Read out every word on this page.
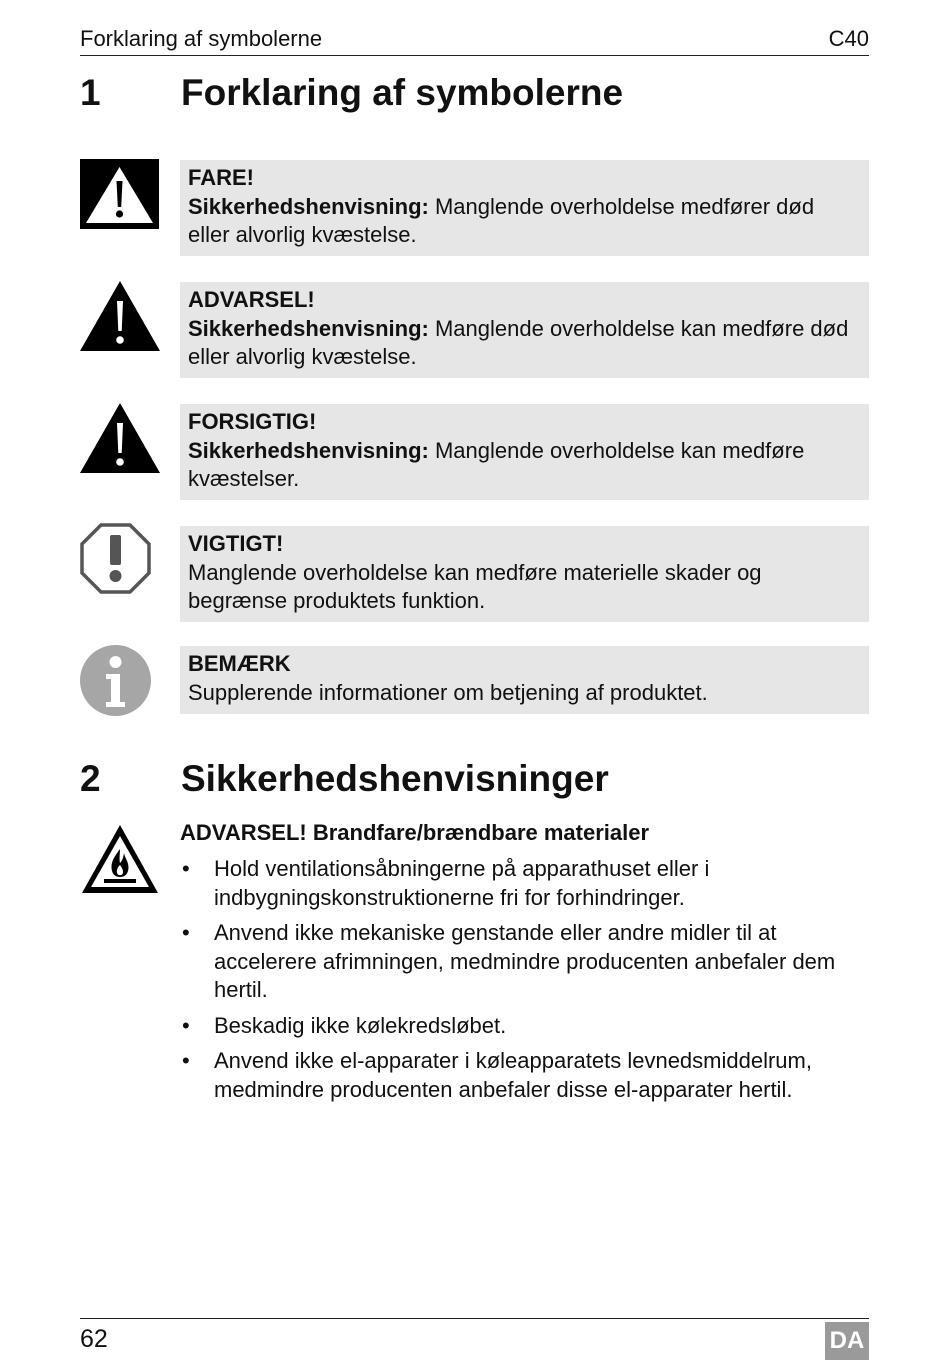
Forklaring af symbolerne	C40
1 Forklaring af symbolerne
FARE!
Sikkerhedshenvisning: Manglende overholdelse medfører død eller alvorlig kvæstelse.
ADVARSEL!
Sikkerhedshenvisning: Manglende overholdelse kan medføre død eller alvorlig kvæstelse.
FORSIGTIG!
Sikkerhedshenvisning: Manglende overholdelse kan medføre kvæstelser.
VIGTIGT!
Manglende overholdelse kan medføre materielle skader og begrænse produktets funktion.
BEMÆRK
Supplerende informationer om betjening af produktet.
2 Sikkerhedshenvisninger
ADVARSEL! Brandfare/brændbare materialer
• Hold ventilationsåbningerne på apparathuset eller i indbygningskonstruktionerne fri for forhindringer.
• Anvend ikke mekaniske genstande eller andre midler til at accelerere afrimningen, medmindre producenten anbefaler dem hertil.
• Beskadig ikke kølekredsløbet.
• Anvend ikke el-apparater i køleapparatets levnedsmiddelrum, medmindre producenten anbefaler disse el-apparater hertil.
62	DA
